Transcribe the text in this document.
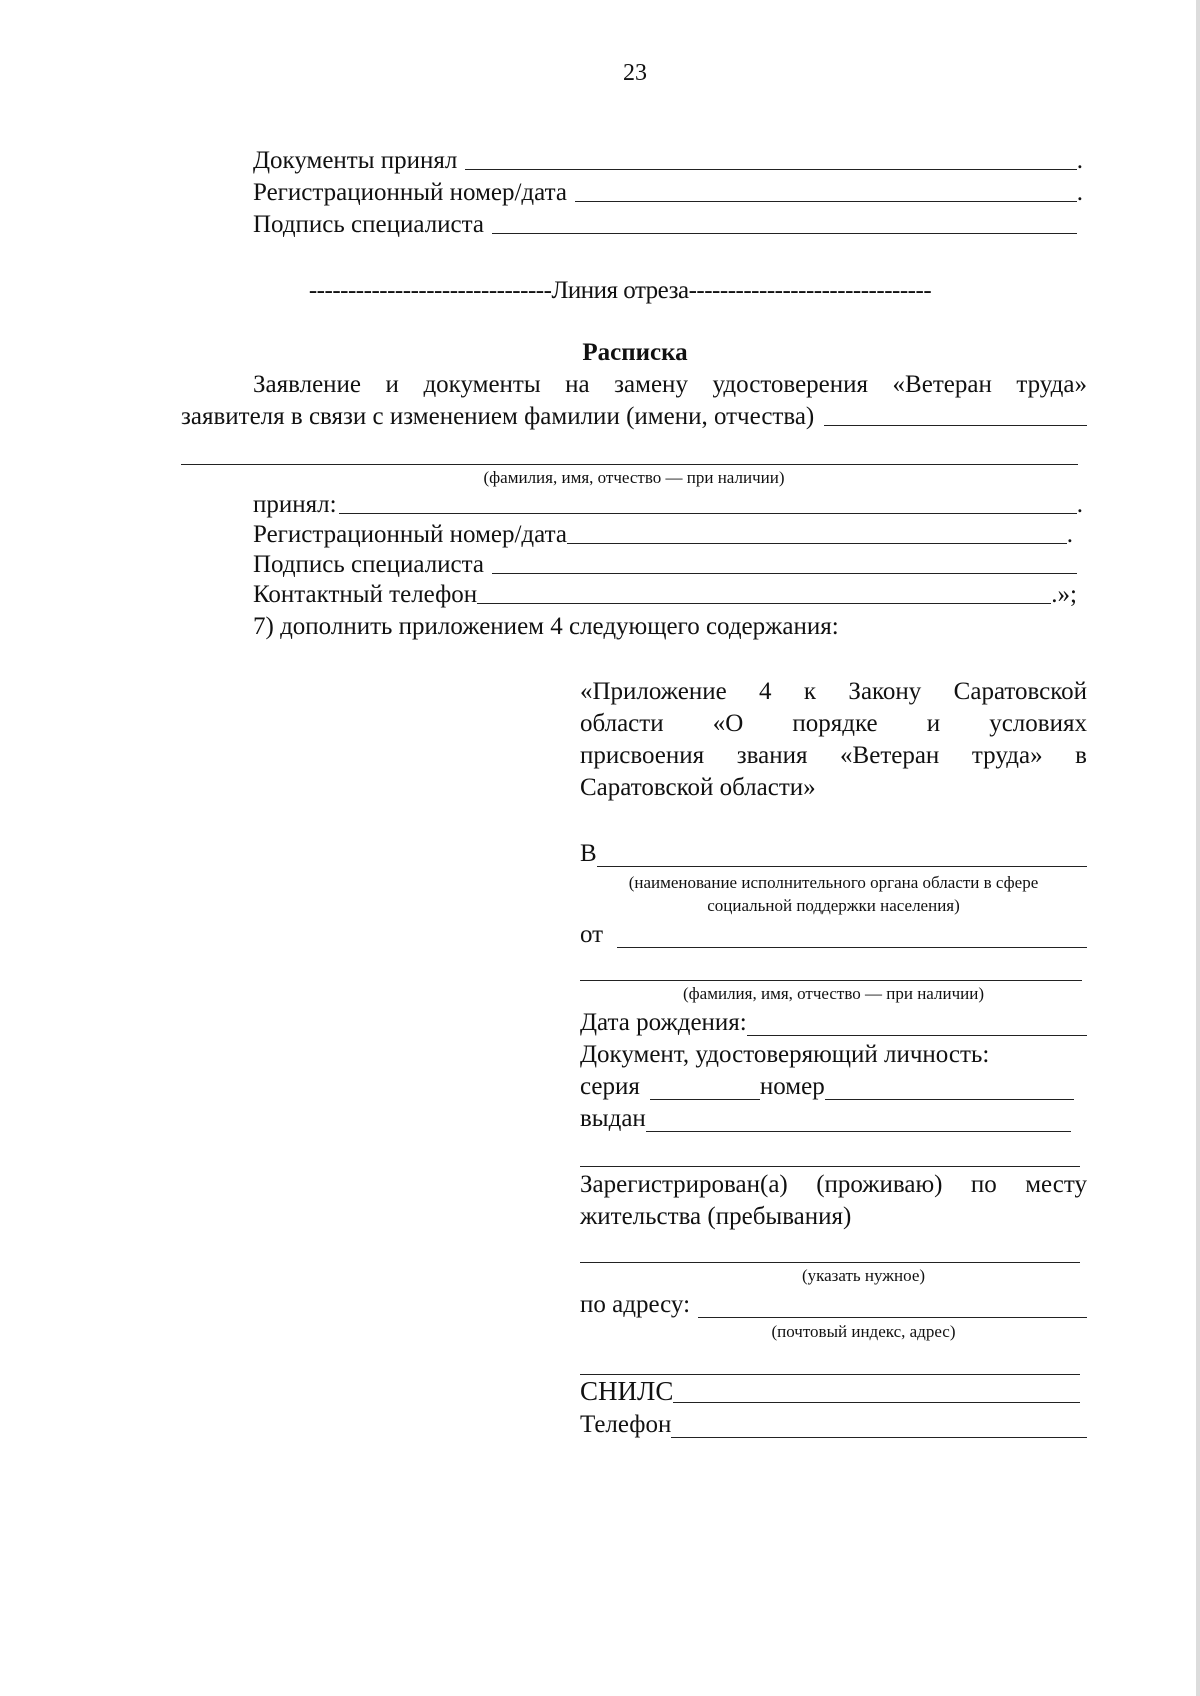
23
Документы принял	.
Регистрационный номер/дата	.
Подпись специалиста
-------------------------------Линия отреза-------------------------------
Расписка
Заявление и документы на замену удостоверения «Ветеран труда»
заявителя в связи с изменением фамилии (имени, отчества)
(фамилия, имя, отчество — при наличии)
принял:	.
Регистрационный номер/дата	.
Подпись специалиста
Контактный телефон	.»;
7) дополнить приложением 4 следующего содержания:
«Приложение 4 к Закону Саратовской
области «О порядке и условиях
присвоения звания «Ветеран труда» в
Саратовской области»
В
(наименование исполнительного органа области в сфере
социальной поддержки населения)
от
(фамилия, имя, отчество — при наличии)
Дата рождения:
Документ, удостоверяющий личность:
серия	номер
выдан
Зарегистрирован(а) (проживаю) по месту
жительства (пребывания)
(указать нужное)
по адресу:
(почтовый индекс, адрес)
СНИЛС
Телефон
